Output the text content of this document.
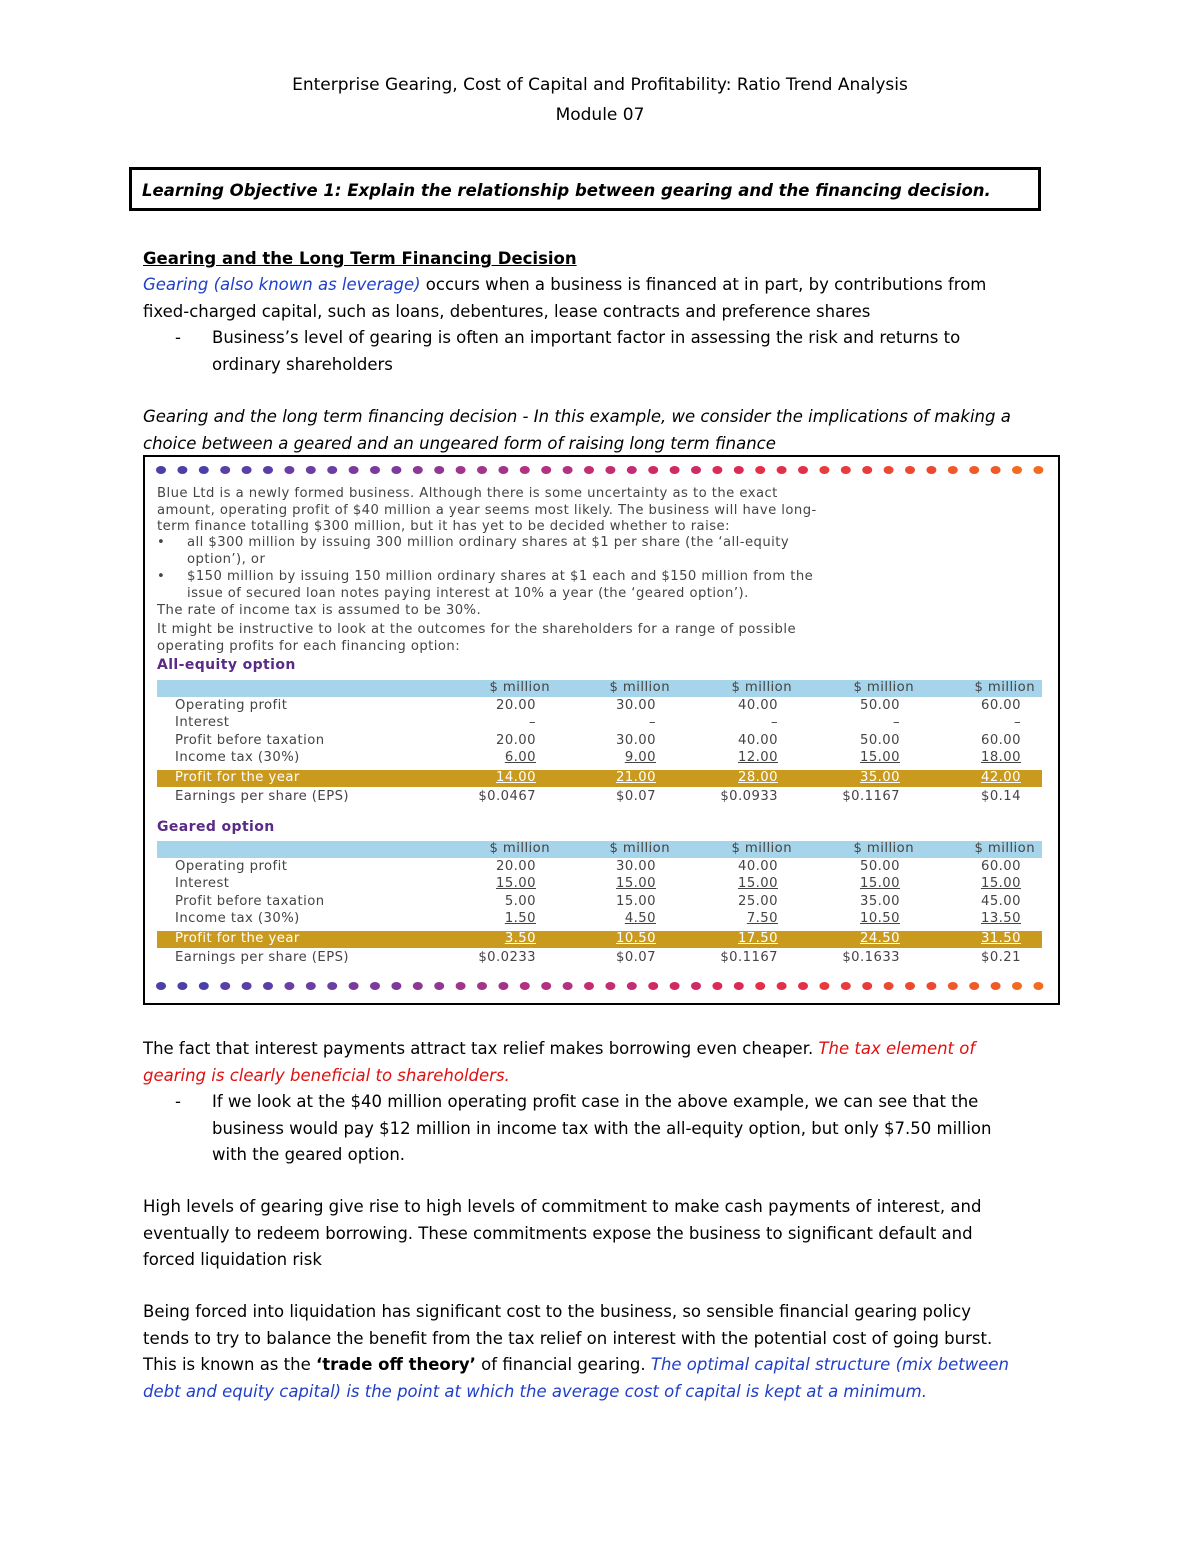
Enterprise Gearing, Cost of Capital and Profitability: Ratio Trend Analysis
Module 07
Learning Objective 1: Explain the relationship between gearing and the financing decision.
Gearing and the Long Term Financing Decision
Gearing (also known as leverage) occurs when a business is financed at in part, by contributions from
fixed-charged capital, such as loans, debentures, lease contracts and preference shares
- Business’s level of gearing is often an important factor in assessing the risk and returns to
ordinary shareholders
Gearing and the long term financing decision - In this example, we consider the implications of making a
choice between a geared and an ungeared form of raising long term finance
Blue Ltd is a newly formed business. Although there is some uncertainty as to the exact
amount, operating profit of $40 million a year seems most likely. The business will have long-
term finance totalling $300 million, but it has yet to be decided whether to raise:
• all $300 million by issuing 300 million ordinary shares at $1 per share (the ‘all-equity
option’), or
• $150 million by issuing 150 million ordinary shares at $1 each and $150 million from the
issue of secured loan notes paying interest at 10% a year (the ‘geared option’).
The rate of income tax is assumed to be 30%.
It might be instructive to look at the outcomes for the shareholders for a range of possible
operating profits for each financing option:
All-equity option
$ million	$ million	$ million	$ million	$ million
Operating profit	20.00	30.00	40.00	50.00	60.00
Interest	–	–	–	–	–
Profit before taxation	20.00	30.00	40.00	50.00	60.00
Income tax (30%)	6.00	9.00	12.00	15.00	18.00
Profit for the year	14.00	21.00	28.00	35.00	42.00
Earnings per share (EPS)	$0.0467	$0.07	$0.0933	$0.1167	$0.14
Geared option
$ million	$ million	$ million	$ million	$ million
Operating profit	20.00	30.00	40.00	50.00	60.00
Interest	15.00	15.00	15.00	15.00	15.00
Profit before taxation	5.00	15.00	25.00	35.00	45.00
Income tax (30%)	1.50	4.50	7.50	10.50	13.50
Profit for the year	3.50	10.50	17.50	24.50	31.50
Earnings per share (EPS)	$0.0233	$0.07	$0.1167	$0.1633	$0.21
The fact that interest payments attract tax relief makes borrowing even cheaper. The tax element of
gearing is clearly beneficial to shareholders.
- If we look at the $40 million operating profit case in the above example, we can see that the
business would pay $12 million in income tax with the all-equity option, but only $7.50 million
with the geared option.
High levels of gearing give rise to high levels of commitment to make cash payments of interest, and
eventually to redeem borrowing. These commitments expose the business to significant default and
forced liquidation risk
Being forced into liquidation has significant cost to the business, so sensible financial gearing policy
tends to try to balance the benefit from the tax relief on interest with the potential cost of going burst.
This is known as the ‘trade off theory’ of financial gearing. The optimal capital structure (mix between
debt and equity capital) is the point at which the average cost of capital is kept at a minimum.
